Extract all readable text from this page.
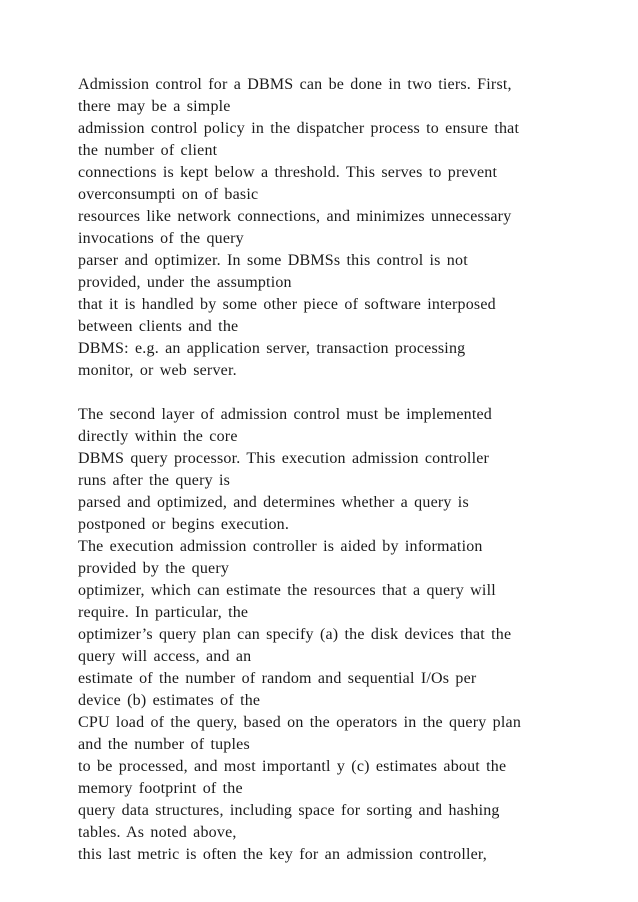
Admission control for a DBMS can be done in two tiers. First,
there may be a simple
admission control policy in the dispatcher process to ensure that
the number of client
connections is kept below a threshold. This serves to prevent
overconsumpti on of basic
resources like network connections, and minimizes unnecessary
invocations of the query
parser and optimizer. In some DBMSs this control is not
provided, under the assumption
that it is handled by some other piece of software interposed
between clients and the
DBMS: e.g. an application server, transaction processing
monitor, or web server.
The second layer of admission control must be implemented
directly within the core
DBMS query processor. This execution admission controller
runs after the query is
parsed and optimized, and determines whether a query is
postponed or begins execution.
The execution admission controller is aided by information
provided by the query
optimizer, which can estimate the resources that a query will
require. In particular, the
optimizer’s query plan can specify (a) the disk devices that the
query will access, and an
estimate of the number of random and sequential I/Os per
device (b) estimates of the
CPU load of the query, based on the operators in the query plan
and the number of tuples
to be processed, and most importantl y (c) estimates about the
memory footprint of the
query data structures, including space for sorting and hashing
tables. As noted above,
this last metric is often the key for an admission controller,
